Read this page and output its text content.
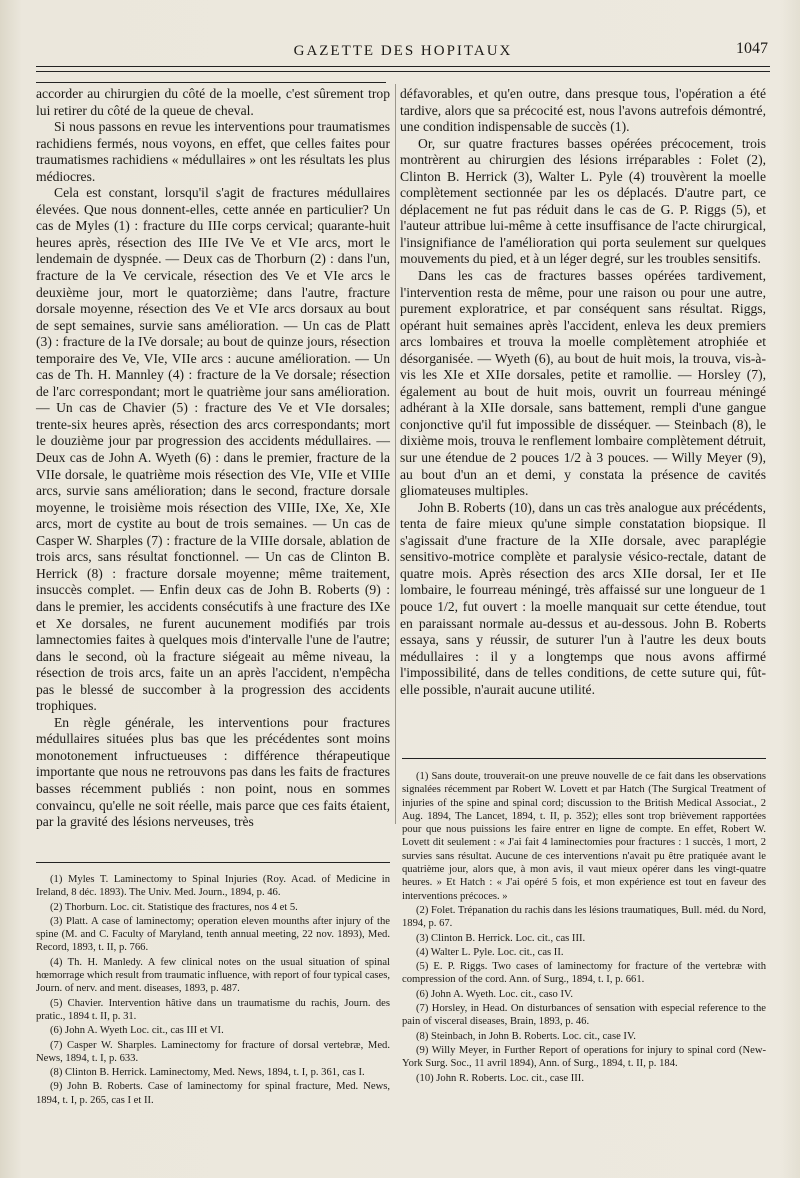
GAZETTE DES HOPITAUX	1047

accorder au chirurgien du côté de la moelle, c'est sûrement trop lui retirer du côté de la queue de cheval.

Si nous passons en revue les interventions pour traumatismes rachidiens fermés, nous voyons, en effet, que celles faites pour traumatismes rachidiens « médullaires » ont les résultats les plus médiocres.

Cela est constant, lorsqu'il s'agit de fractures médullaires élevées. Que nous donnent-elles, cette année en particulier? Un cas de Myles (1) : fracture du IIIe corps cervical; quarante-huit heures après, résection des IIIe IVe Ve et VIe arcs, mort le lendemain de dyspnée. — Deux cas de Thorburn (2) : dans l'un, fracture de la Ve cervicale, résection des Ve et VIe arcs le deuxième jour, mort le quatorzième; dans l'autre, fracture dorsale moyenne, résection des Ve et VIe arcs dorsaux au bout de sept semaines, survie sans amélioration. — Un cas de Platt (3) : fracture de la IVe dorsale; au bout de quinze jours, résection temporaire des Ve, VIe, VIIe arcs : aucune amélioration. — Un cas de Th. H. Mannley (4) : fracture de la Ve dorsale; résection de l'arc correspondant; mort le quatrième jour sans amélioration. — Un cas de Chavier (5) : fracture des Ve et VIe dorsales; trente-six heures après, résection des arcs correspondants; mort le douzième jour par progression des accidents médullaires. — Deux cas de John A. Wyeth (6) : dans le premier, fracture de la VIIe dorsale, le quatrième mois résection des VIe, VIIe et VIIIe arcs, survie sans amélioration; dans le second, fracture dorsale moyenne, le troisième mois résection des VIIIe, IXe, Xe, XIe arcs, mort de cystite au bout de trois semaines. — Un cas de Casper W. Sharples (7) : fracture de la VIIIe dorsale, ablation de trois arcs, sans résultat fonctionnel. — Un cas de Clinton B. Herrick (8) : fracture dorsale moyenne; même traitement, insuccès complet. — Enfin deux cas de John B. Roberts (9) : dans le premier, les accidents consécutifs à une fracture des IXe et Xe dorsales, ne furent aucunement modifiés par trois lamnectomies faites à quelques mois d'intervalle l'une de l'autre; dans le second, où la fracture siégeait au même niveau, la résection de trois arcs, faite un an après l'accident, n'empêcha pas le blessé de succomber à la progression des accidents trophiques.

En règle générale, les interventions pour fractures médullaires situées plus bas que les précédentes sont moins monotonement infructueuses : différence thérapeutique importante que nous ne retrouvons pas dans les faits de fractures basses récemment publiés : non point, nous en sommes convaincu, qu'elle ne soit réelle, mais parce que ces faits étaient, par la gravité des lésions nerveuses, très

défavorables, et qu'en outre, dans presque tous, l'opération a été tardive, alors que sa précocité est, nous l'avons autrefois démontré, une condition indispensable de succès (1).

Or, sur quatre fractures basses opérées précocement, trois montrèrent au chirurgien des lésions irréparables : Folet (2), Clinton B. Herrick (3), Walter L. Pyle (4) trouvèrent la moelle complètement sectionnée par les os déplacés. D'autre part, ce déplacement ne fut pas réduit dans le cas de G. P. Riggs (5), et l'auteur attribue lui-même à cette insuffisance de l'acte chirurgical, l'insignifiance de l'amélioration qui porta seulement sur quelques mouvements du pied, et à un léger degré, sur les troubles sensitifs.

Dans les cas de fractures basses opérées tardivement, l'intervention resta de même, pour une raison ou pour une autre, purement exploratrice, et par conséquent sans résultat. Riggs, opérant huit semaines après l'accident, enleva les deux premiers arcs lombaires et trouva la moelle complètement atrophiée et désorganisée. — Wyeth (6), au bout de huit mois, la trouva, vis-à-vis les XIe et XIIe dorsales, petite et ramollie. — Horsley (7), également au bout de huit mois, ouvrit un fourreau méningé adhérant à la XIIe dorsale, sans battement, rempli d'une gangue conjonctive qu'il fut impossible de disséquer. — Steinbach (8), le dixième mois, trouva le renflement lombaire complètement détruit, sur une étendue de 2 pouces 1/2 à 3 pouces. — Willy Meyer (9), au bout d'un an et demi, y constata la présence de cavités gliomateuses multiples.

John B. Roberts (10), dans un cas très analogue aux précédents, tenta de faire mieux qu'une simple constatation biopsique. Il s'agissait d'une fracture de la XIIe dorsale, avec paraplégie sensitivo-motrice complète et paralysie vésico-rectale, datant de quatre mois. Après résection des arcs XIIe dorsal, Ier et IIe lombaire, le fourreau méningé, très affaissé sur une longueur de 1 pouce 1/2, fut ouvert : la moelle manquait sur cette étendue, tout en paraissant normale au-dessus et au-dessous. John B. Roberts essaya, sans y réussir, de suturer l'un à l'autre les deux bouts médullaires : il y a longtemps que nous avons affirmé l'impossibilité, dans de telles conditions, de cette suture qui, fût-elle possible, n'aurait aucune utilité.

(1) Myles T. Laminectomy to Spinal Injuries (Roy. Acad. of Medicine in Ireland, 8 déc. 1893). The Univ. Med. Journ., 1894, p. 46.

(2) Thorburn. Loc. cit. Statistique des fractures, nos 4 et 5.

(3) Platt. A case of laminectomy; operation eleven mounths after injury of the spine (M. and C. Faculty of Maryland, tenth annual meeting, 22 nov. 1893), Med. Record, 1893, t. II, p. 766.

(4) Th. H. Manledy. A few clinical notes on the usual situation of spinal hœmorrage which result from traumatic influence, with report of four typical cases, Journ. of nerv. and ment. diseases, 1893, p. 487.

(5) Chavier. Intervention hâtive dans un traumatisme du rachis, Journ. des pratic., 1894 t. II, p. 31.

(6) John A. Wyeth Loc. cit., cas III et VI.

(7) Casper W. Sharples. Laminectomy for fracture of dorsal vertebræ, Med. News, 1894, t. I, p. 633.

(8) Clinton B. Herrick. Laminectomy, Med. News, 1894, t. I, p. 361, cas I.

(9) John B. Roberts. Case of laminectomy for spinal fracture, Med. News, 1894, t. I, p. 265, cas I et II.

(1) Sans doute, trouverait-on une preuve nouvelle de ce fait dans les observations signalées récemment par Robert W. Lovett et par Hatch (The Surgical Treatment of injuries of the spine and spinal cord; discussion to the British Medical Associat., 2 Aug. 1894, The Lancet, 1894, t. II, p. 352); elles sont trop brièvement rapportées pour que nous puissions les faire entrer en ligne de compte. En effet, Robert W. Lovett dit seulement : « J'ai fait 4 laminectomies pour fractures : 1 succès, 1 mort, 2 survies sans résultat. Aucune de ces interventions n'avait pu être pratiquée avant le quatrième jour, alors que, à mon avis, il vaut mieux opérer dans les vingt-quatre heures. » Et Hatch : « J'ai opéré 5 fois, et mon expérience est tout en faveur des interventions précoces. »

(2) Folet. Trépanation du rachis dans les lésions traumatiques, Bull. méd. du Nord, 1894, p. 67.

(3) Clinton B. Herrick. Loc. cit., cas III.

(4) Walter L. Pyle. Loc. cit., cas II.

(5) E. P. Riggs. Two cases of laminectomy for fracture of the vertebræ with compression of the cord. Ann. of Surg., 1894, t. I, p. 661.

(6) John A. Wyeth. Loc. cit., caso IV.

(7) Horsley, in Head. On disturbances of sensation with especial reference to the pain of visceral diseases, Brain, 1893, p. 46.

(8) Steinbach, in John B. Roberts. Loc. cit., case IV.

(9) Willy Meyer, in Further Report of operations for injury to spinal cord (New-York Surg. Soc., 11 avril 1894), Ann. of Surg., 1894, t. II, p. 184.

(10) John R. Roberts. Loc. cit., case III.
